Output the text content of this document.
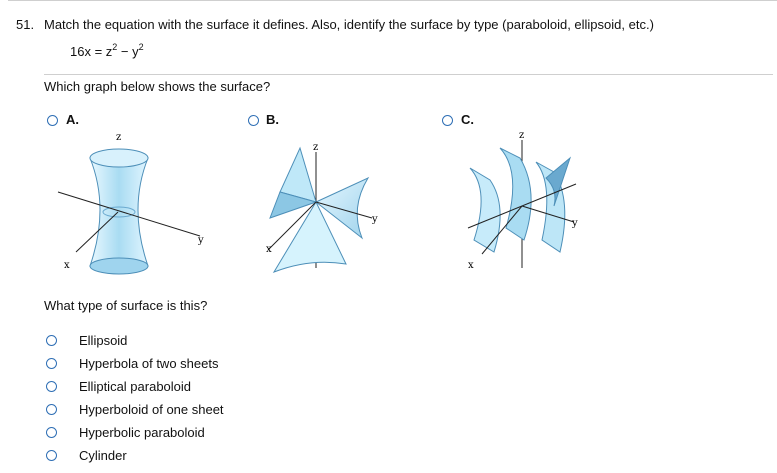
51. Match the equation with the surface it defines. Also, identify the surface by type (paraboloid, ellipsoid, etc.)
$16x = z^2 - y^2$
Which graph below shows the surface?
A.
z
y
x
B.
z
y
x
C.
z
y
x
What type of surface is this?
Ellipsoid
Hyperbola of two sheets
Elliptical paraboloid
Hyperboloid of one sheet
Hyperbolic paraboloid
Cylinder
